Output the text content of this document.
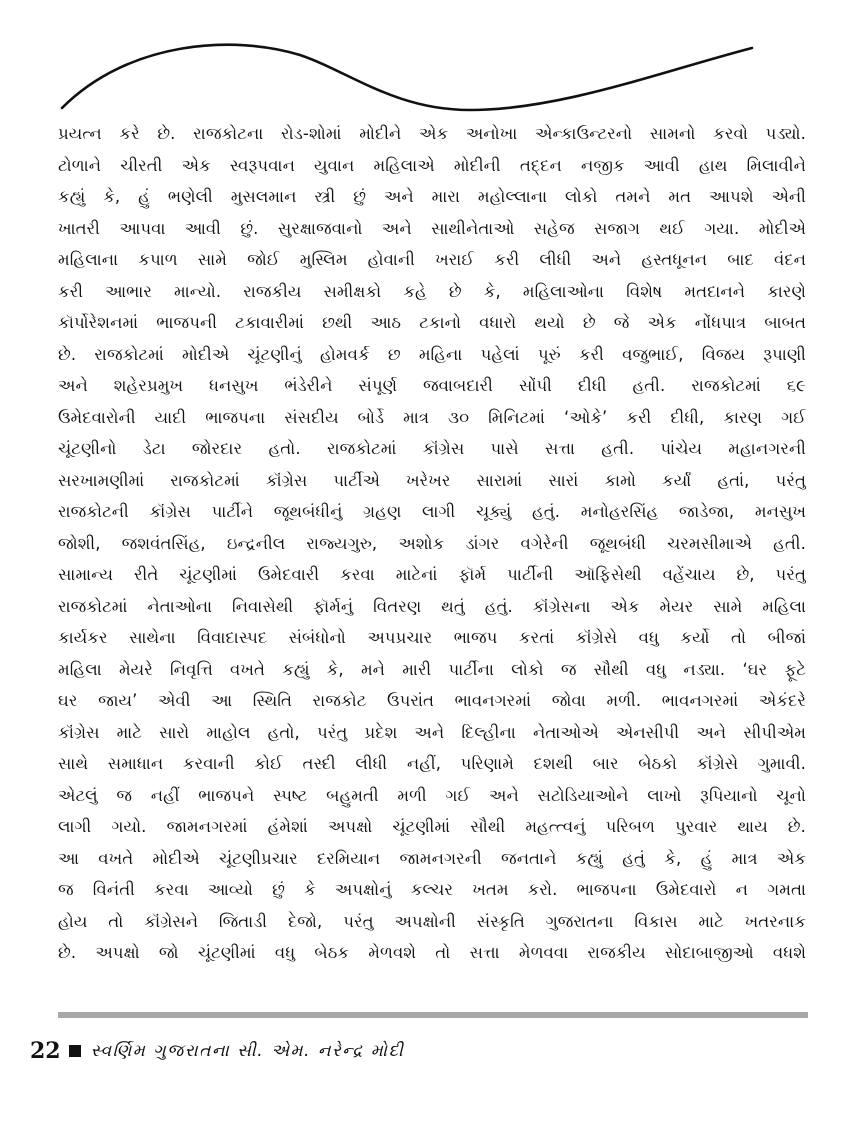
પ્રયત્ન કરે છે. રાજકોટના રોડ-શોમાં મોદીને એક અનોખા એન્કાઉન્ટરનો સામનો કરવો પડ્યો.
ટોળાને ચીરતી એક સ્વરૂપવાન યુવાન મહિલાએ મોદીની તદ્દન નજીક આવી હાથ મિલાવીને
કહ્યું કે, હું ભણેલી મુસલમાન સ્ત્રી છું અને મારા મહોલ્લાના લોકો તમને મત આપશે એની
ખાતરી આપવા આવી છું. સુરક્ષાજવાનો અને સાથીનેતાઓ સહેજ સજાગ થઈ ગયા. મોદીએ
મહિલાના કપાળ સામે જોઈ મુસ્લિમ હોવાની ખરાઈ કરી લીધી અને હસ્તધૂનન બાદ વંદન
કરી આભાર માન્યો. રાજકીય સમીક્ષકો કહે છે કે, મહિલાઓના વિશેષ મતદાનને કારણે
કૉર્પોરેશનમાં ભાજપની ટકાવારીમાં છથી આઠ ટકાનો વધારો થયો છે જે એક નોંધપાત્ર બાબત
છે. રાજકોટમાં મોદીએ ચૂંટણીનું હોમવર્ક છ મહિના પહેલાં પૂરું કરી વજુભાઈ, વિજય રૂપાણી
અને શહેરપ્રમુખ ધનસુખ ભંડેરીને સંપૂર્ણ જવાબદારી સોંપી દીધી હતી. રાજકોટમાં ૬૯
ઉમેદવારોની યાદી ભાજપના સંસદીય બોર્ડે માત્ર ૩૦ મિનિટમાં ‘ઓકે’ કરી દીધી, કારણ ગઈ
ચૂંટણીનો ડેટા જોરદાર હતો. રાજકોટમાં કૉંગ્રેસ પાસે સત્તા હતી. પાંચેય મહાનગરની
સરખામણીમાં રાજકોટમાં કૉંગ્રેસ પાર્ટીએ ખરેખર સારામાં સારાં કામો કર્યાં હતાં, પરંતુ
રાજકોટની કૉંગ્રેસ પાર્ટીને જૂથબંધીનું ગ્રહણ લાગી ચૂક્યું હતું. મનોહરસિંહ જાડેજા, મનસુખ
જોશી, જશવંતસિંહ, ઇન્દ્રનીલ રાજ્યગુરુ, અશોક ડાંગર વગેરેની જૂથબંધી ચરમસીમાએ હતી.
સામાન્ય રીતે ચૂંટણીમાં ઉમેદવારી કરવા માટેનાં ફૉર્મ પાર્ટીની ઑફિસેથી વહેંચાય છે, પરંતુ
રાજકોટમાં નેતાઓના નિવાસેથી ફૉર્મનું વિતરણ થતું હતું. કૉંગ્રેસના એક મેયર સામે મહિલા
કાર્યકર સાથેના વિવાદાસ્પદ સંબંધોનો અપપ્રચાર ભાજપ કરતાં કૉંગ્રેસે વધુ કર્યો તો બીજાં
મહિલા મેયરે નિવૃત્તિ વખતે કહ્યું કે, મને મારી પાર્ટીના લોકો જ સૌથી વધુ નડ્યા. ‘ઘર ફૂટે
ઘર જાય’ એવી આ સ્થિતિ રાજકોટ ઉપરાંત ભાવનગરમાં જોવા મળી. ભાવનગરમાં એકંદરે
કૉંગ્રેસ માટે સારો માહોલ હતો, પરંતુ પ્રદેશ અને દિલ્હીના નેતાઓએ એનસીપી અને સીપીએમ
સાથે સમાધાન કરવાની કોઈ તસ્દી લીધી નહીં, પરિણામે દશથી બાર બેઠકો કૉંગ્રેસે ગુમાવી.
એટલું જ નહીં ભાજપને સ્પષ્ટ બહુમતી મળી ગઈ અને સટોડિયાઓને લાખો રૂપિયાનો ચૂનો
લાગી ગયો. જામનગરમાં હંમેશાં અપક્ષો ચૂંટણીમાં સૌથી મહત્ત્વનું પરિબળ પુરવાર થાય છે.
આ વખતે મોદીએ ચૂંટણીપ્રચાર દરમિયાન જામનગરની જનતાને કહ્યું હતું કે, હું માત્ર એક
જ વિનંતી કરવા આવ્યો છું કે અપક્ષોનું કલ્ચર ખતમ કરો. ભાજપના ઉમેદવારો ન ગમતા
હોય તો કૉંગ્રેસને જિતાડી દેજો, પરંતુ અપક્ષોની સંસ્કૃતિ ગુજરાતના વિકાસ માટે ખતરનાક
છે. અપક્ષો જો ચૂંટણીમાં વધુ બેઠક મેળવશે તો સત્તા મેળવવા રાજકીય સોદાબાજીઓ વધશે
22 સ્વર્ણિમ ગુજરાતના સી. એમ. નરેન્દ્ર મોદી
